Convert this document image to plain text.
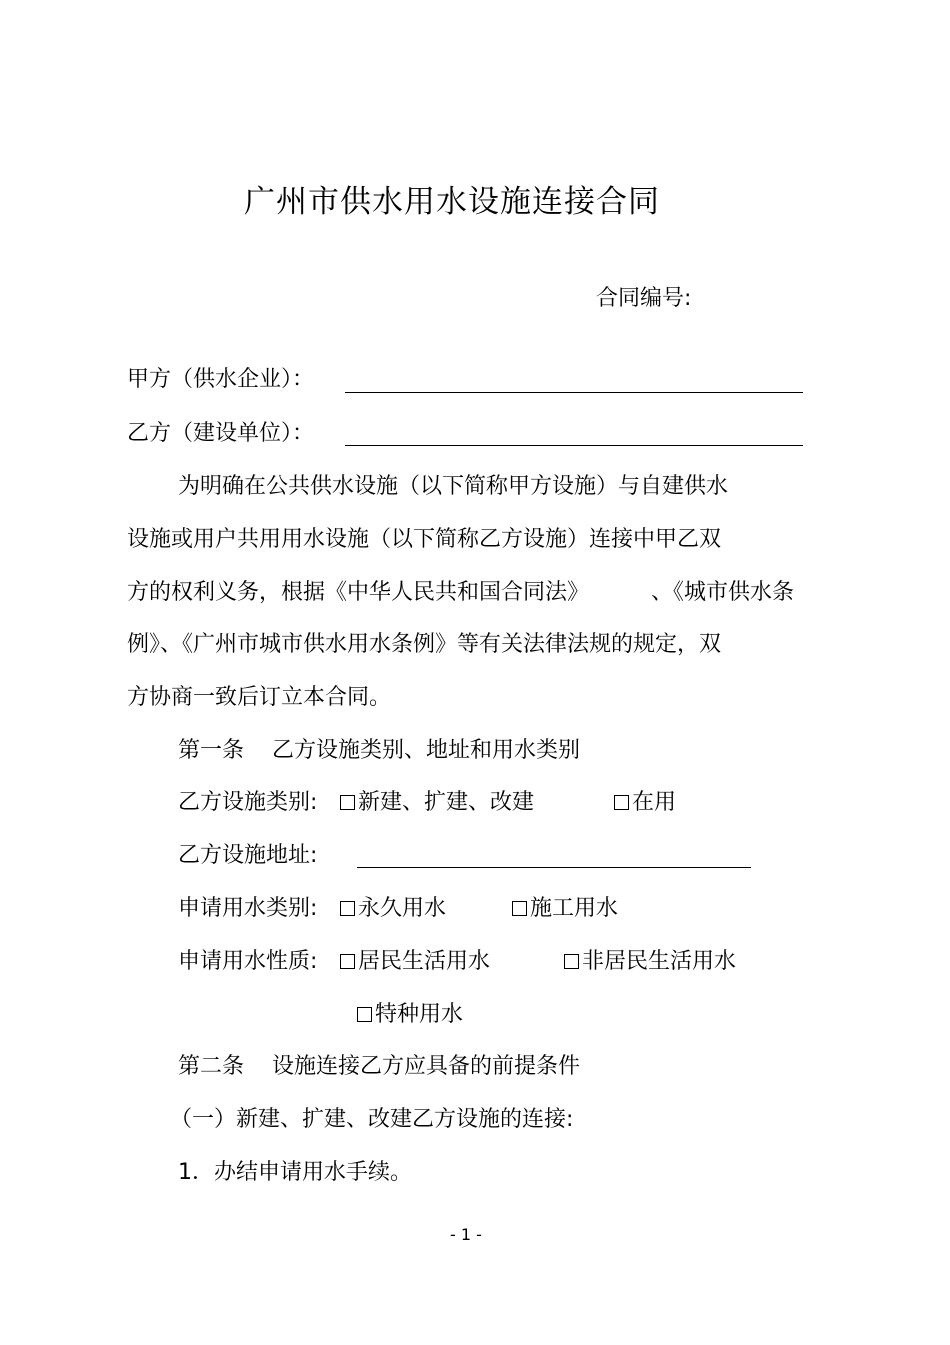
广州市供水用水设施连接合同
合同编号:
甲方（供水企业）：
乙方（建设单位）：
为明确在公共供水设施（以下简称甲方设施）与自建供水
设施或用户共用用水设施（以下简称乙方设施）连接中甲乙双
方的权利义务，根据《中华人民共和国合同法》	、《城市供水条
例》、《广州市城市供水用水条例》等有关法律法规的规定，双
方协商一致后订立本合同。
第一条    乙方设施类别、地址和用水类别
乙方设施类别:	新建、扩建、改建	在用
乙方设施地址:
申请用水类别:	永久用水	施工用水
申请用水性质:	居民生活用水	非居民生活用水
特种用水
第二条    设施连接乙方应具备的前提条件
（一）新建、扩建、改建乙方设施的连接:
1．办结申请用水手续。
- 1 -
